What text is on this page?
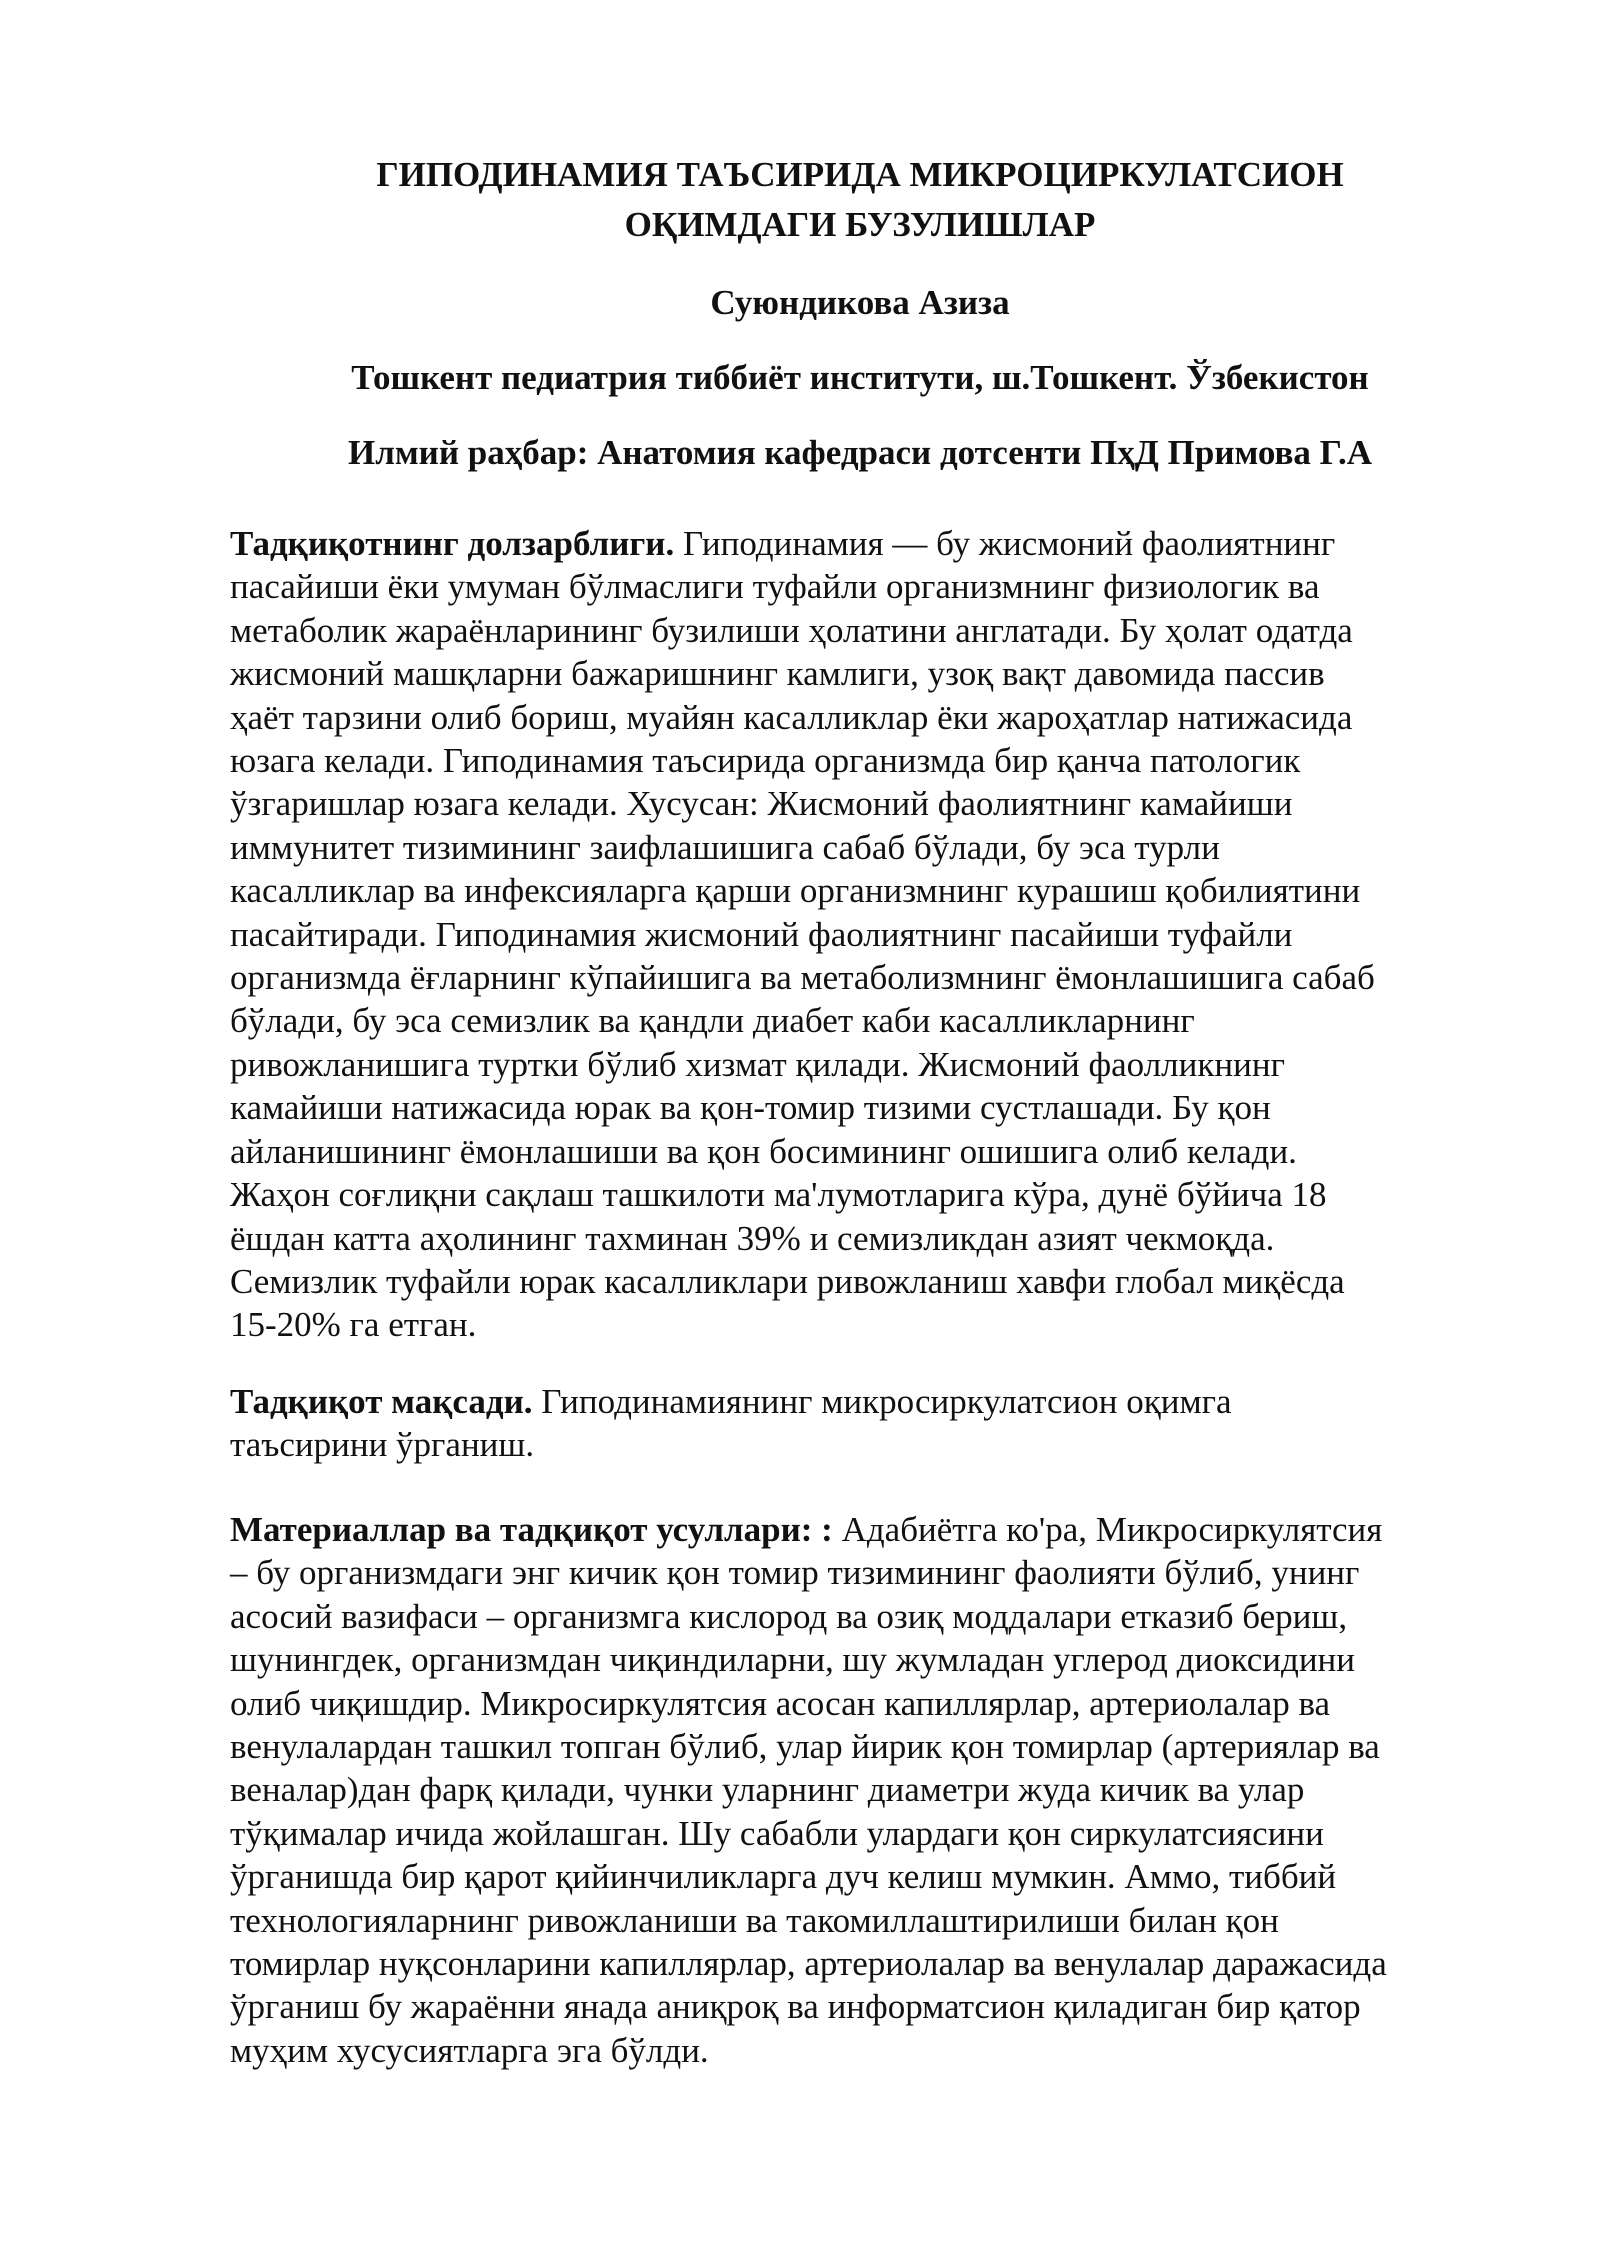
ГИПОДИНАМИЯ ТАЪСИРИДА МИКРОЦИРКУЛАТСИОН
ОҚИМДАГИ БУЗУЛИШЛАР
Суюндикова Азиза
Тошкент педиатрия тиббиёт институти, ш.Тошкент. Ўзбекистон
Илмий раҳбар: Анатомия кафедраси дотсенти ПҳД Примова Г.А
Тадқиқотнинг долзарблиги. Гиподинамия — бу жисмоний фаолиятнинг
пасайиши ёки умуман бўлмаслиги туфайли организмнинг физиологик ва
метаболик жараёнларининг бузилиши ҳолатини англатади. Бу ҳолат одатда
жисмоний машқларни бажаришнинг камлиги, узоқ вақт давомида пассив
ҳаёт тарзини олиб бориш, муайян касалликлар ёки жароҳатлар натижасида
юзага келади. Гиподинамия таъсирида организмда бир қанча патологик
ўзгаришлар юзага келади. Хусусан: Жисмоний фаолиятнинг камайиши
иммунитет тизимининг заифлашишига сабаб бўлади, бу эса турли
касалликлар ва инфексияларга қарши организмнинг курашиш қобилиятини
пасайтиради. Гиподинамия жисмоний фаолиятнинг пасайиши туфайли
организмда ёғларнинг кўпайишига ва метаболизмнинг ёмонлашишига сабаб
бўлади, бу эса семизлик ва қандли диабет каби касалликларнинг
ривожланишига туртки бўлиб хизмат қилади. Жисмоний фаолликнинг
камайиши натижасида юрак ва қон-томир тизими сустлашади. Бу қон
айланишининг ёмонлашиши ва қон босимининг ошишига олиб келади.
Жаҳон соғлиқни сақлаш ташкилоти ма'лумотларига кўра, дунё бўйича 18
ёшдан катта аҳолининг тахминан 39% и семизликдан азият чекмоқда.
Семизлик туфайли юрак касалликлари ривожланиш хавфи глобал миқёсда
15-20% га етган.
Тадқиқот мақсади. Гиподинамиянинг микросиркулатсион оқимга
таъсирини ўрганиш.
Материаллар ва тадқиқот усуллари: : Адабиётга ко'ра, Микросиркулятсия
– бу организмдаги энг кичик қон томир тизимининг фаолияти бўлиб, унинг
асосий вазифаси – организмга кислород ва озиқ моддалари етказиб бериш,
шунингдек, организмдан чиқиндиларни, шу жумладан углерод диоксидини
олиб чиқишдир. Микросиркулятсия асосан капиллярлар, артериолалар ва
венулалардан ташкил топган бўлиб, улар йирик қон томирлар (артериялар ва
веналар)дан фарқ қилади, чунки уларнинг диаметри жуда кичик ва улар
тўқималар ичида жойлашган. Шу сабабли улардаги қон сиркулатсиясини
ўрганишда бир қарот қийинчиликларга дуч келиш мумкин. Аммо, тиббий
технологияларнинг ривожланиши ва такомиллаштирилиши билан қон
томирлар нуқсонларини капиллярлар, артериолалар ва венулалар даражасида
ўрганиш бу жараённи янада аниқроқ ва информатсион қиладиган бир қатор
муҳим хусусиятларга эга бўлди.
